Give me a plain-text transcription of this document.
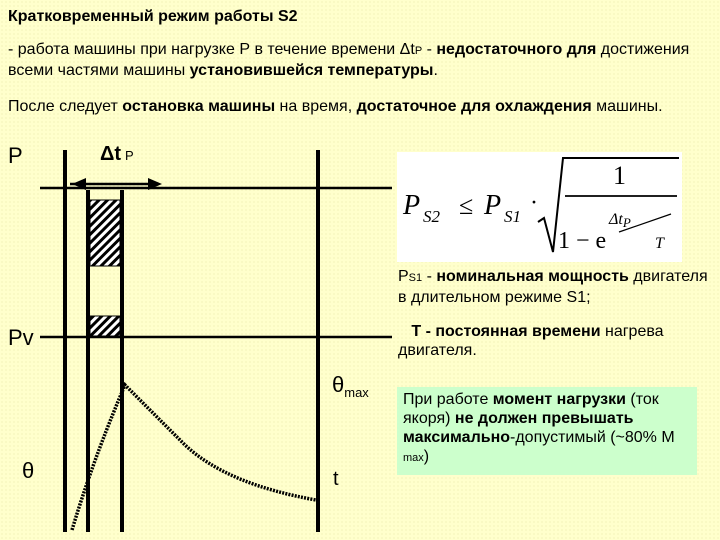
Кратковременный режим работы S2
- работа машины при нагрузке Р в течение времени ΔtP - недостаточного для достижения всеми частями машины установившейся температуры.
После следует остановка машины на время, достаточное для охлаждения машины.
P	Δt P
Pv
$\theta_{max}$
θ	t
P S2 ≤ P S1
·
1
1 − e
ΔtP
T
PS1 - номинальная мощность двигателя в длительном режиме S1;
Т - постоянная времени нагрева двигателя.
При работе момент нагрузки (ток якоря) не должен превышать максимально-допустимый (~80% М max)
